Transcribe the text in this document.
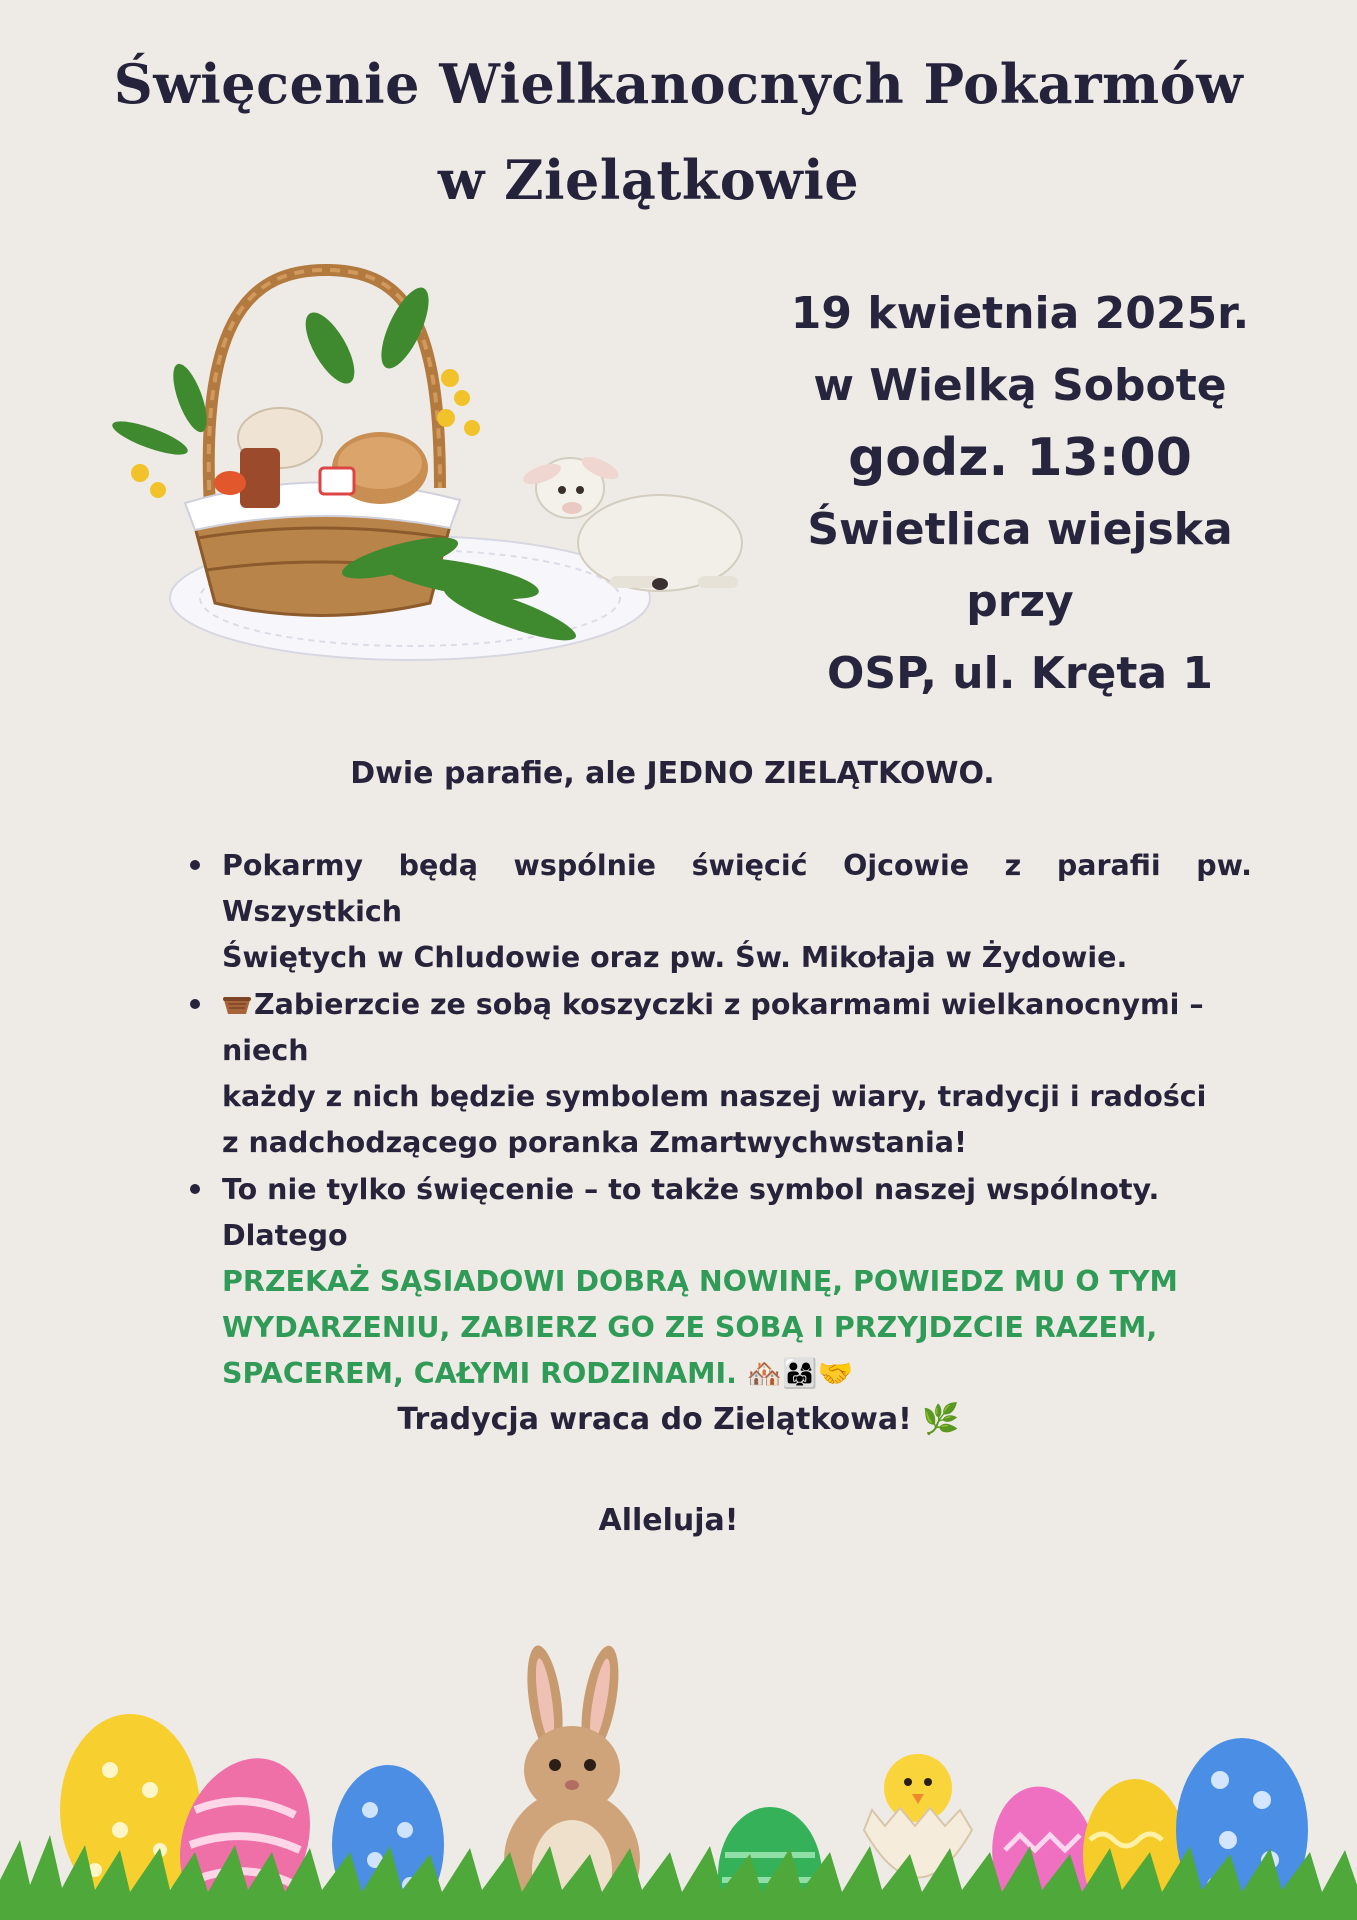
Święcenie Wielkanocnych Pokarmów
w Zielątkowie
19 kwietnia 2025r.
w Wielką Sobotę
godz. 13:00
Świetlica wiejska przy
OSP, ul. Kręta 1
Dwie parafie, ale JEDNO ZIELĄTKOWO.
Pokarmy będą wspólnie święcić Ojcowie z parafii pw. Wszystkich
Świętych w Chludowie oraz pw. Św. Mikołaja w Żydowie.
Zabierzcie ze sobą koszyczki z pokarmami wielkanocnymi – niech
każdy z nich będzie symbolem naszej wiary, tradycji i radości
z nadchodzącego poranka Zmartwychwstania!
To nie tylko święcenie – to także symbol naszej wspólnoty. Dlatego
PRZEKAŻ SĄSIADOWI DOBRĄ NOWINĘ, POWIEDZ MU O TYM
WYDARZENIU, ZABIERZ GO ZE SOBĄ I PRZYJDZCIE RAZEM,
SPACEREM, CAŁYMI RODZINAMI. 🏘️👨‍👩‍👧🤝
Tradycja wraca do Zielątkowa! 🌿
Alleluja!
